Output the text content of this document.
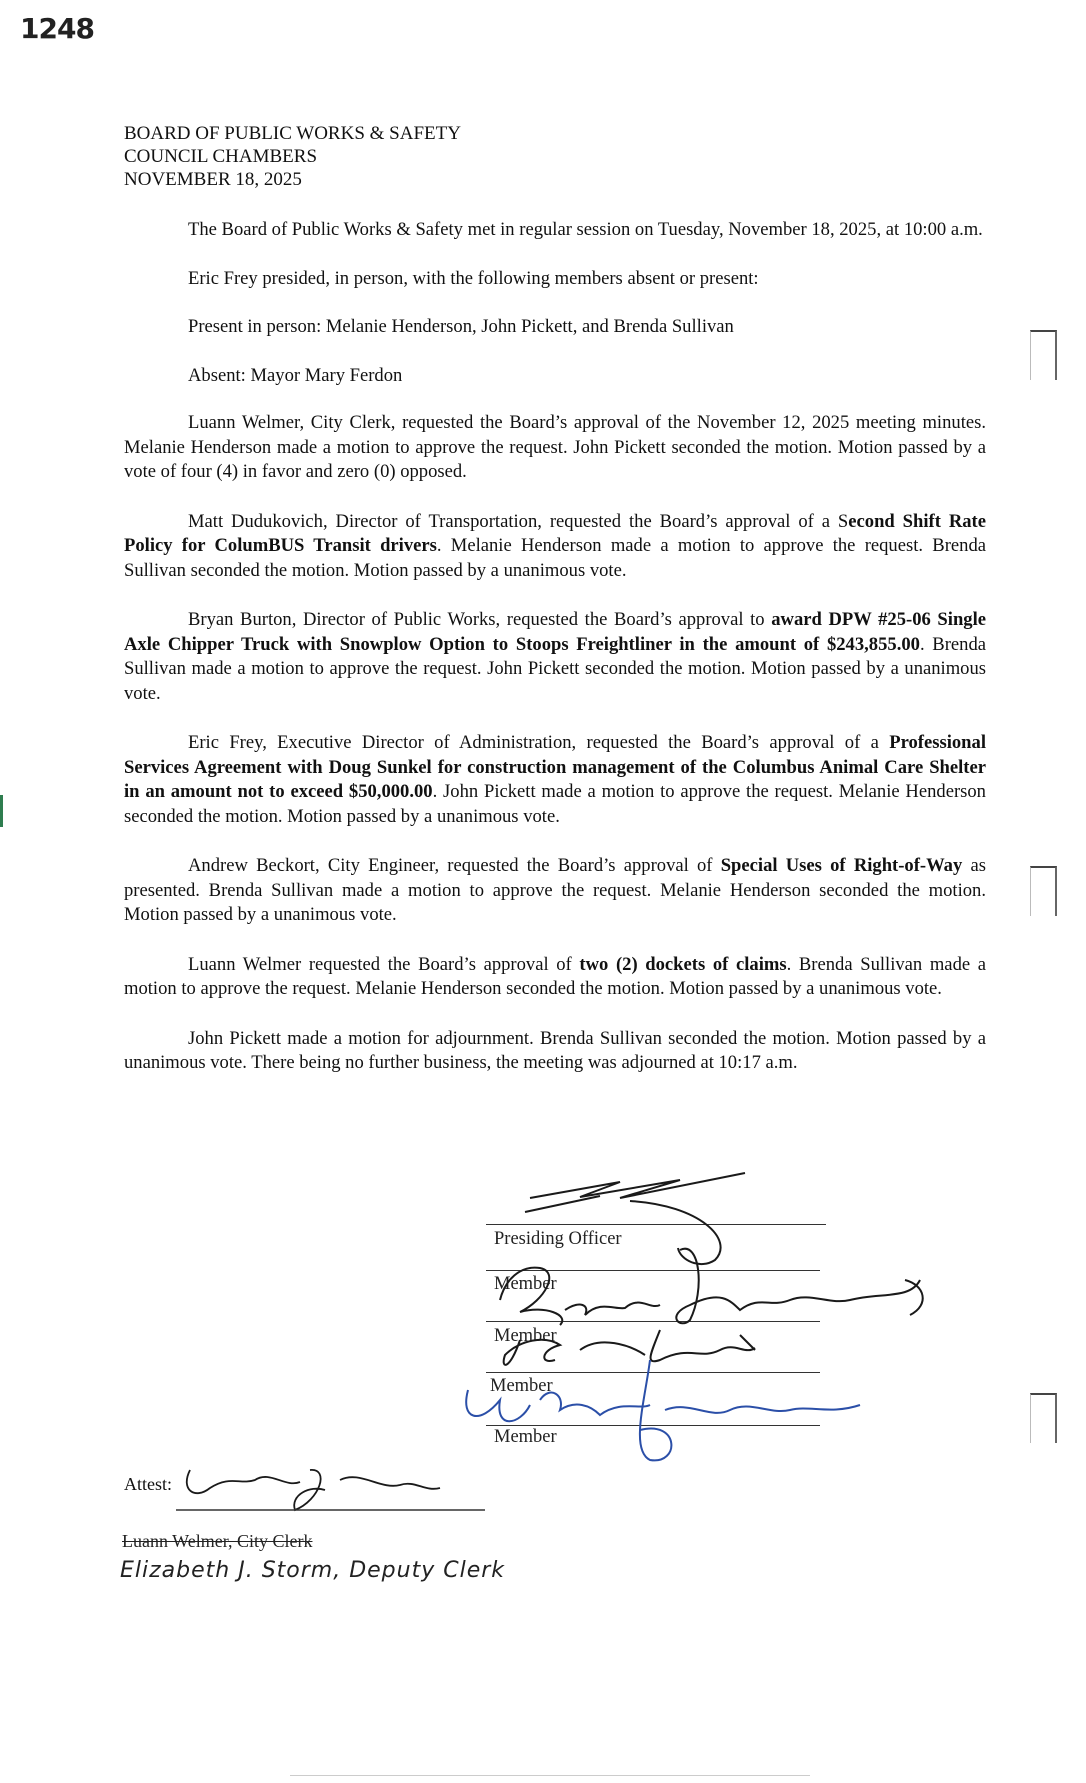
1248
BOARD OF PUBLIC WORKS & SAFETY
COUNCIL CHAMBERS
NOVEMBER 18, 2025

The Board of Public Works & Safety met in regular session on Tuesday, November 18, 2025, at 10:00 a.m.

Eric Frey presided, in person, with the following members absent or present:

Present in person: Melanie Henderson, John Pickett, and Brenda Sullivan

Absent: Mayor Mary Ferdon

Luann Welmer, City Clerk, requested the Board’s approval of the November 12, 2025 meeting minutes. Melanie Henderson made a motion to approve the request. John Pickett seconded the motion. Motion passed by a vote of four (4) in favor and zero (0) opposed.

Matt Dudukovich, Director of Transportation, requested the Board’s approval of a Second Shift Rate Policy for ColumBUS Transit drivers. Melanie Henderson made a motion to approve the request. Brenda Sullivan seconded the motion. Motion passed by a unanimous vote.

Bryan Burton, Director of Public Works, requested the Board’s approval to award DPW #25-06 Single Axle Chipper Truck with Snowplow Option to Stoops Freightliner in the amount of $243,855.00. Brenda Sullivan made a motion to approve the request. John Pickett seconded the motion. Motion passed by a unanimous vote.

Eric Frey, Executive Director of Administration, requested the Board’s approval of a Professional Services Agreement with Doug Sunkel for construction management of the Columbus Animal Care Shelter in an amount not to exceed $50,000.00. John Pickett made a motion to approve the request. Melanie Henderson seconded the motion. Motion passed by a unanimous vote.

Andrew Beckort, City Engineer, requested the Board’s approval of Special Uses of Right-of-Way as presented. Brenda Sullivan made a motion to approve the request. Melanie Henderson seconded the motion. Motion passed by a unanimous vote.

Luann Welmer requested the Board’s approval of two (2) dockets of claims. Brenda Sullivan made a motion to approve the request. Melanie Henderson seconded the motion. Motion passed by a unanimous vote.

John Pickett made a motion for adjournment. Brenda Sullivan seconded the motion. Motion passed by a unanimous vote. There being no further business, the meeting was adjourned at 10:17 a.m.

Presiding Officer
Member
Member
Member
Member
Attest:
Luann Welmer, City Clerk
Elizabeth J. Storm, Deputy Clerk
